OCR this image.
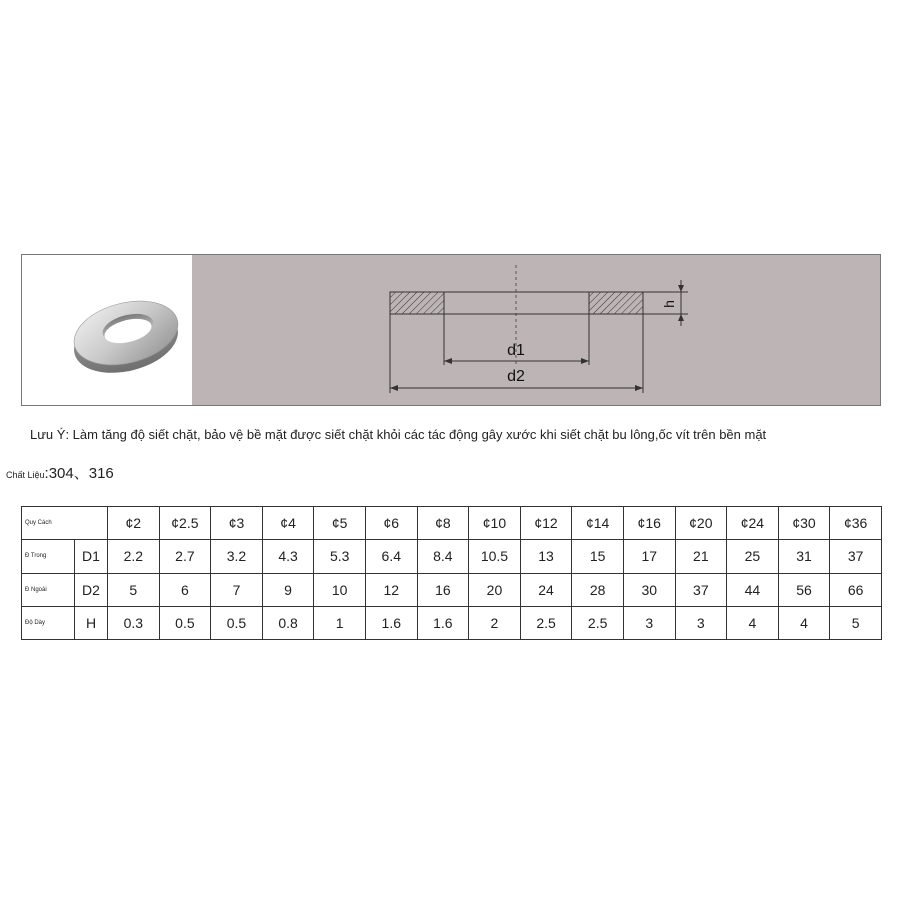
h
d1
d2
Lưu Ý: Làm tăng độ siết chặt, bảo vệ bề mặt được siết chặt khỏi các tác động gây xước khi siết chặt bu lông,ốc vít trên bền mặt
Chất Liệu:304、316
Quy Cách		¢2	¢2.5	¢3	¢4	¢5	¢6	¢8	¢10	¢12	¢14	¢16	¢20	¢24	¢30	¢36
Đ Trong	D1	2.2	2.7	3.2	4.3	5.3	6.4	8.4	10.5	13	15	17	21	25	31	37
Đ Ngoài	D2	5	6	7	9	10	12	16	20	24	28	30	37	44	56	66
Độ Dày	H	0.3	0.5	0.5	0.8	1	1.6	1.6	2	2.5	2.5	3	3	4	4	5
